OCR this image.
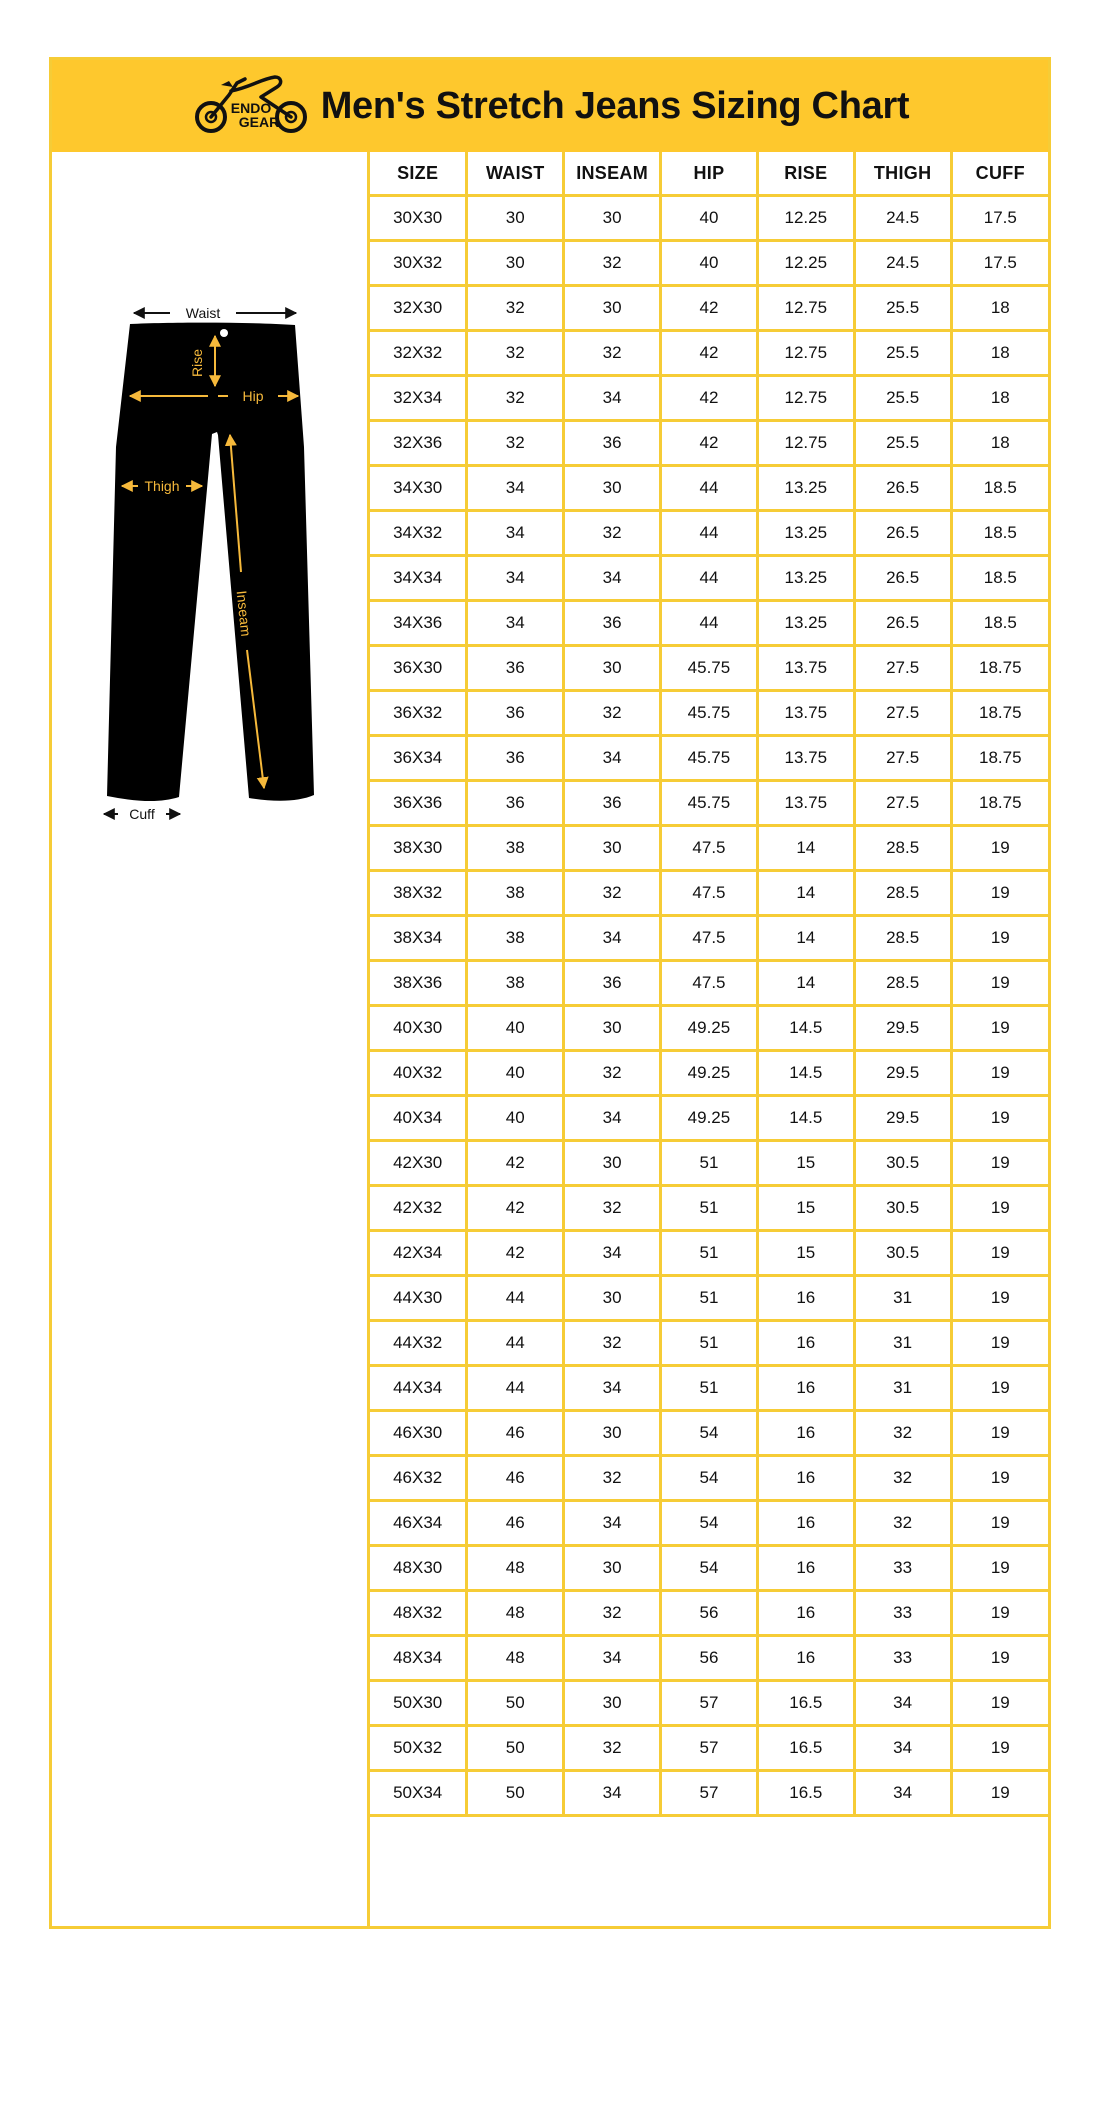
ENDO
GEAR Men's Stretch Jeans Sizing Chart
Waist
Rise
Hip
Thigh
Inseam
Cuff
SIZE	WAIST	INSEAM	HIP	RISE	THIGH	CUFF
30X30	30	30	40	12.25	24.5	17.5
30X32	30	32	40	12.25	24.5	17.5
32X30	32	30	42	12.75	25.5	18
32X32	32	32	42	12.75	25.5	18
32X34	32	34	42	12.75	25.5	18
32X36	32	36	42	12.75	25.5	18
34X30	34	30	44	13.25	26.5	18.5
34X32	34	32	44	13.25	26.5	18.5
34X34	34	34	44	13.25	26.5	18.5
34X36	34	36	44	13.25	26.5	18.5
36X30	36	30	45.75	13.75	27.5	18.75
36X32	36	32	45.75	13.75	27.5	18.75
36X34	36	34	45.75	13.75	27.5	18.75
36X36	36	36	45.75	13.75	27.5	18.75
38X30	38	30	47.5	14	28.5	19
38X32	38	32	47.5	14	28.5	19
38X34	38	34	47.5	14	28.5	19
38X36	38	36	47.5	14	28.5	19
40X30	40	30	49.25	14.5	29.5	19
40X32	40	32	49.25	14.5	29.5	19
40X34	40	34	49.25	14.5	29.5	19
42X30	42	30	51	15	30.5	19
42X32	42	32	51	15	30.5	19
42X34	42	34	51	15	30.5	19
44X30	44	30	51	16	31	19
44X32	44	32	51	16	31	19
44X34	44	34	51	16	31	19
46X30	46	30	54	16	32	19
46X32	46	32	54	16	32	19
46X34	46	34	54	16	32	19
48X30	48	30	54	16	33	19
48X32	48	32	56	16	33	19
48X34	48	34	56	16	33	19
50X30	50	30	57	16.5	34	19
50X32	50	32	57	16.5	34	19
50X34	50	34	57	16.5	34	19
